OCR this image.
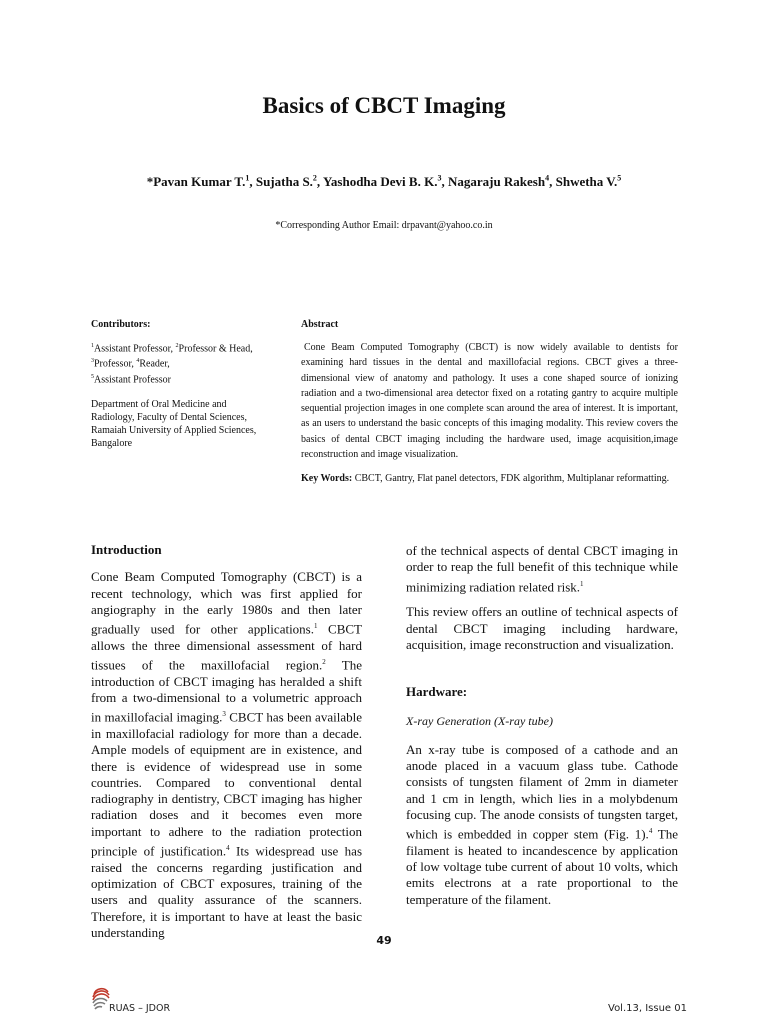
Basics of CBCT Imaging
*Pavan Kumar T.$^1$, Sujatha S.$^2$, Yashodha Devi B. K.$^3$, Nagaraju Rakesh$^4$, Shwetha V.$^5$
*Corresponding Author Email: drpavant@yahoo.co.in
Contributors:

$^1$Assistant Professor, $^2$Professor & Head, $^3$Professor, $^4$Reader,
$^5$Assistant Professor

Department of Oral Medicine and Radiology, Faculty of Dental Sciences, Ramaiah University of Applied Sciences, Bangalore

Abstract
Cone Beam Computed Tomography (CBCT) is now widely available to dentists for examining hard tissues in the dental and maxillofacial regions. CBCT gives a three-dimensional view of anatomy and pathology. It uses a cone shaped source of ionizing radiation and a two-dimensional area detector fixed on a rotating gantry to acquire multiple sequential projection images in one complete scan around the area of interest. It is important, as an users to understand the basic concepts of this imaging modality. This review covers the basics of dental CBCT imaging including the hardware used, image acquisition,image reconstruction and image visualization.
Key Words: CBCT, Gantry, Flat panel detectors, FDK algorithm, Multiplanar reformatting.
Introduction
Cone Beam Computed Tomography (CBCT) is a recent technology, which was first applied for angiography in the early 1980s and then later gradually used for other applications.$^1$ CBCT allows the three dimensional assessment of hard tissues of the maxillofacial region.$^2$ The introduction of CBCT imaging has heralded a shift from a two-dimensional to a volumetric approach in maxillofacial imaging.$^3$ CBCT has been available in maxillofacial radiology for more than a decade. Ample models of equipment are in existence, and there is evidence of widespread use in some countries. Compared to conventional dental radiography in dentistry, CBCT imaging has higher radiation doses and it becomes even more important to adhere to the radiation protection principle of justification.$^4$ Its widespread use has raised the concerns regarding justification and optimization of CBCT exposures, training of the users and quality assurance of the scanners. Therefore, it is important to have at least the basic understanding
of the technical aspects of dental CBCT imaging in order to reap the full benefit of this technique while minimizing radiation related risk.$^1$
This review offers an outline of technical aspects of dental CBCT imaging including hardware, acquisition, image reconstruction and visualization.
Hardware:
X-ray Generation (X-ray tube)
An x-ray tube is composed of a cathode and an anode placed in a vacuum glass tube. Cathode consists of tungsten filament of 2mm in diameter and 1 cm in length, which lies in a molybdenum focusing cup. The anode consists of tungsten target, which is embedded in copper stem (Fig. 1).$^4$ The filament is heated to incandescence by application of low voltage tube current of about 10 volts, which emits electrons at a rate proportional to the temperature of the filament.
49
RUAS – JDOR	Vol.13, Issue 01
